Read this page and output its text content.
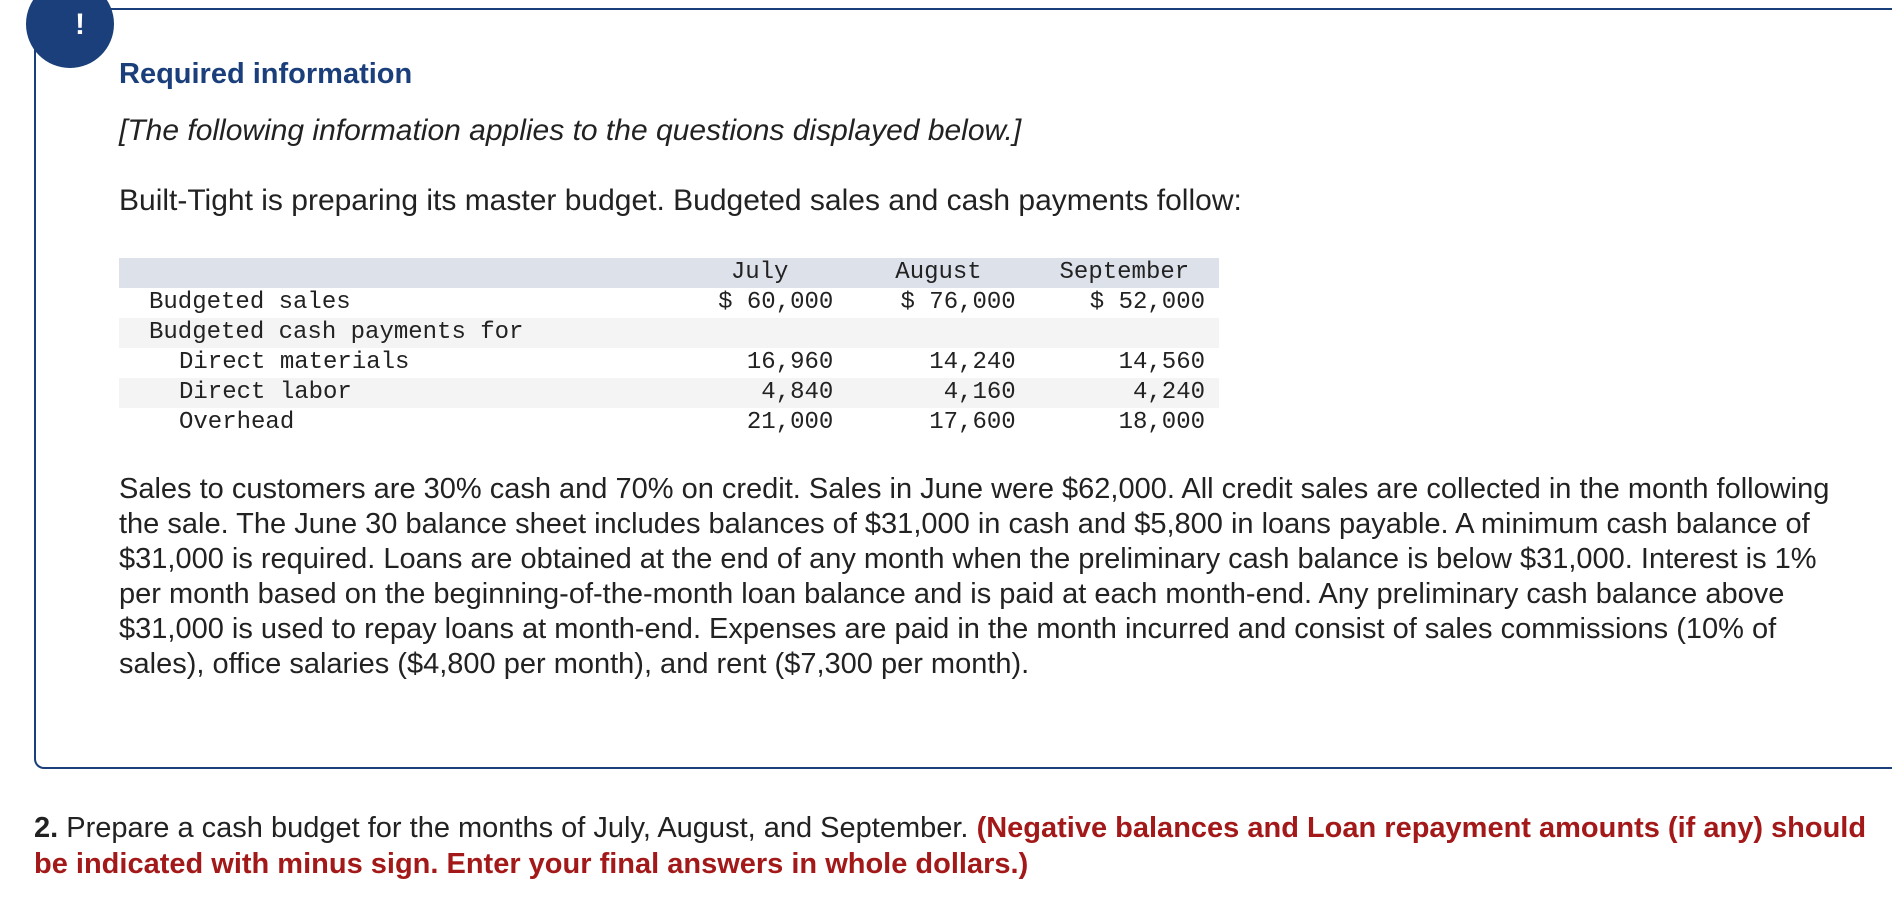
!
Required information

[The following information applies to the questions displayed below.]

Built-Tight is preparing its master budget. Budgeted sales and cash payments follow:

	July	August	September
Budgeted sales	$ 60,000	$ 76,000	$ 52,000
Budgeted cash payments for			
Direct materials	16,960	14,240	14,560
Direct labor	4,840	4,160	4,240
Overhead	21,000	17,600	18,000

Sales to customers are 30% cash and 70% on credit. Sales in June were $62,000. All credit sales are collected in the month following the sale. The June 30 balance sheet includes balances of $31,000 in cash and $5,800 in loans payable. A minimum cash balance of $31,000 is required. Loans are obtained at the end of any month when the preliminary cash balance is below $31,000. Interest is 1% per month based on the beginning-of-the-month loan balance and is paid at each month-end. Any preliminary cash balance above $31,000 is used to repay loans at month-end. Expenses are paid in the month incurred and consist of sales commissions (10% of sales), office salaries ($4,800 per month), and rent ($7,300 per month).

2. Prepare a cash budget for the months of July, August, and September. (Negative balances and Loan repayment amounts (if any) should be indicated with minus sign. Enter your final answers in whole dollars.)
